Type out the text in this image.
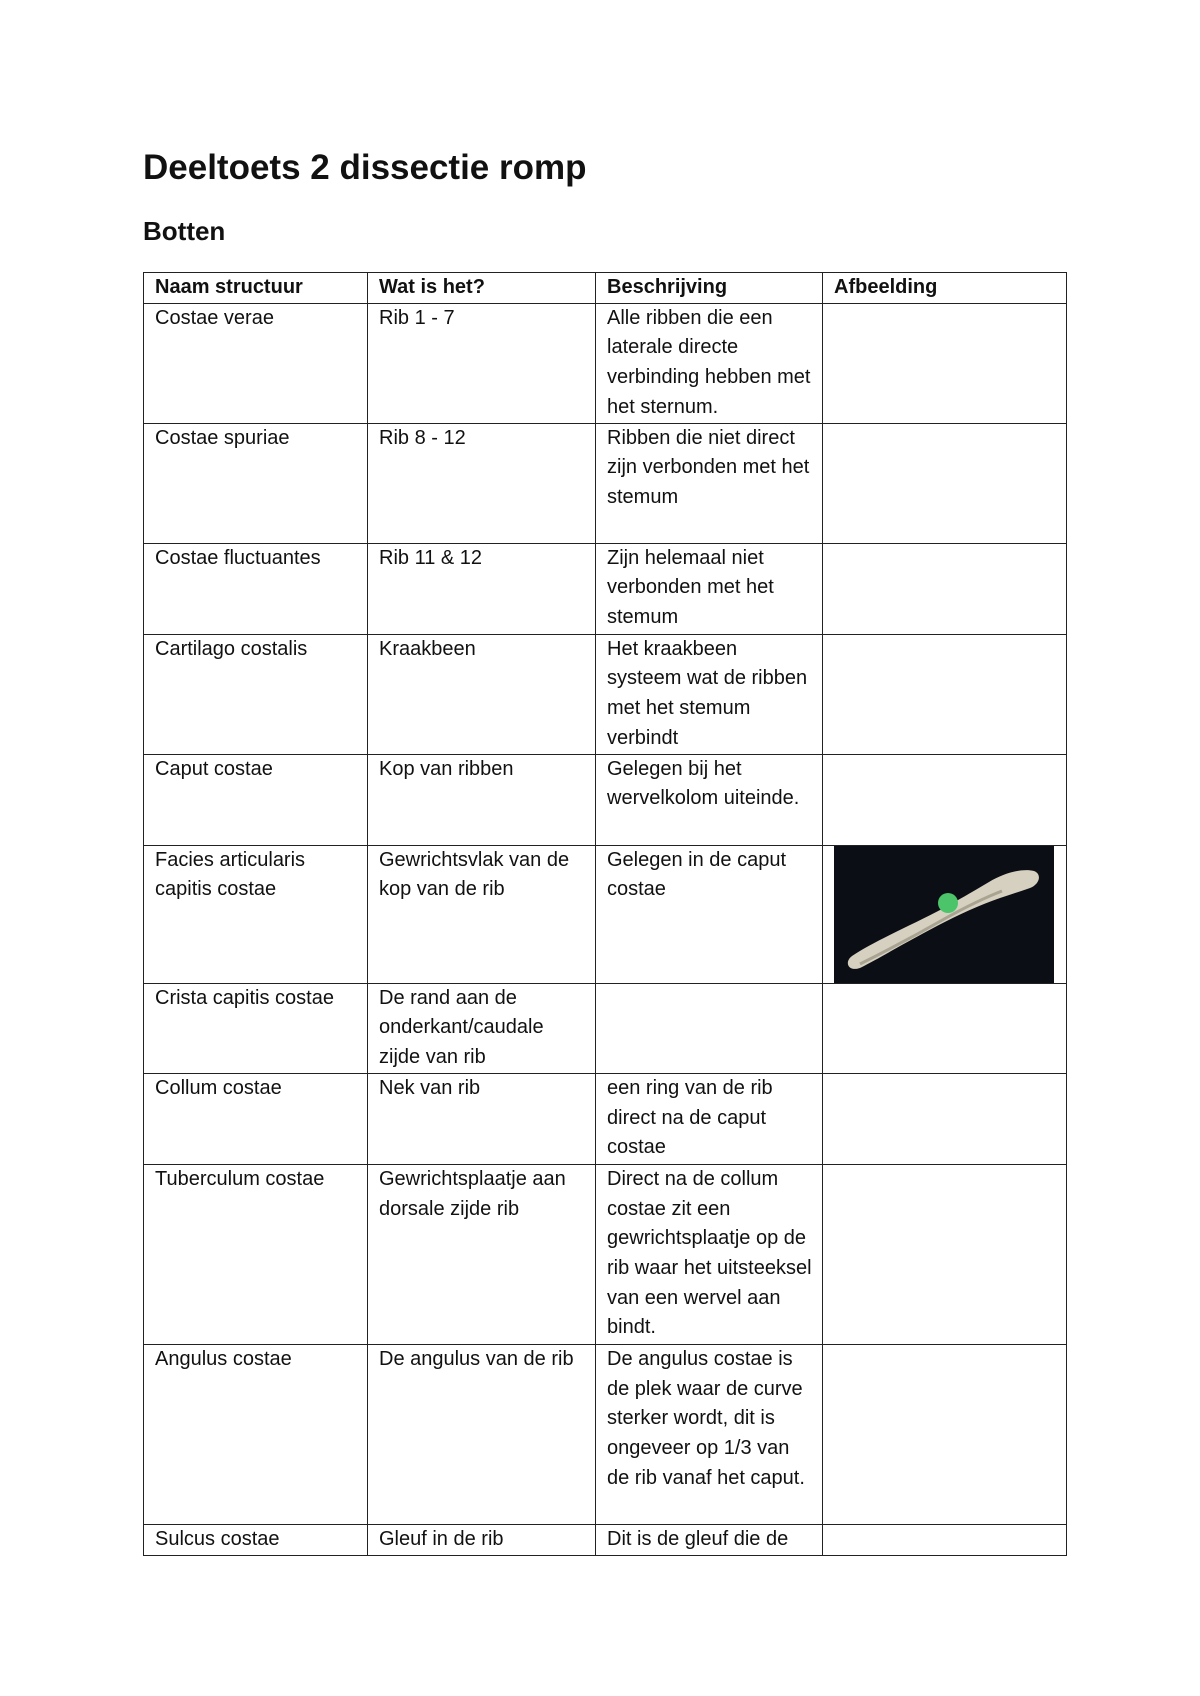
Deeltoets 2 dissectie romp
Botten
Naam structuur	Wat is het?	Beschrijving	Afbeelding
Costae verae	Rib 1 - 7	Alle ribben die een laterale directe verbinding hebben met het sternum.	
Costae spuriae	Rib 8 - 12	Ribben die niet direct zijn verbonden met het stemum	
Costae fluctuantes	Rib 11 & 12	Zijn helemaal niet verbonden met het stemum	
Cartilago costalis	Kraakbeen	Het kraakbeen systeem wat de ribben met het stemum verbindt	
Caput costae	Kop van ribben	Gelegen bij het wervelkolom uiteinde.	
Facies articularis capitis costae	Gewrichtsvlak van de kop van de rib	Gelegen in de caput costae	

Crista capitis costae	De rand aan de onderkant/caudale zijde van rib		
Collum costae	Nek van rib	een ring van de rib direct na de caput costae	
Tuberculum costae	Gewrichtsplaatje aan dorsale zijde rib	Direct na de collum costae zit een gewrichtsplaatje op de rib waar het uitsteeksel van een wervel aan bindt.	
Angulus costae	De angulus van de rib	De angulus costae is de plek waar de curve sterker wordt, dit is ongeveer op 1/3 van de rib vanaf het caput.	
Sulcus costae	Gleuf in de rib	Dit is de gleuf die de	
